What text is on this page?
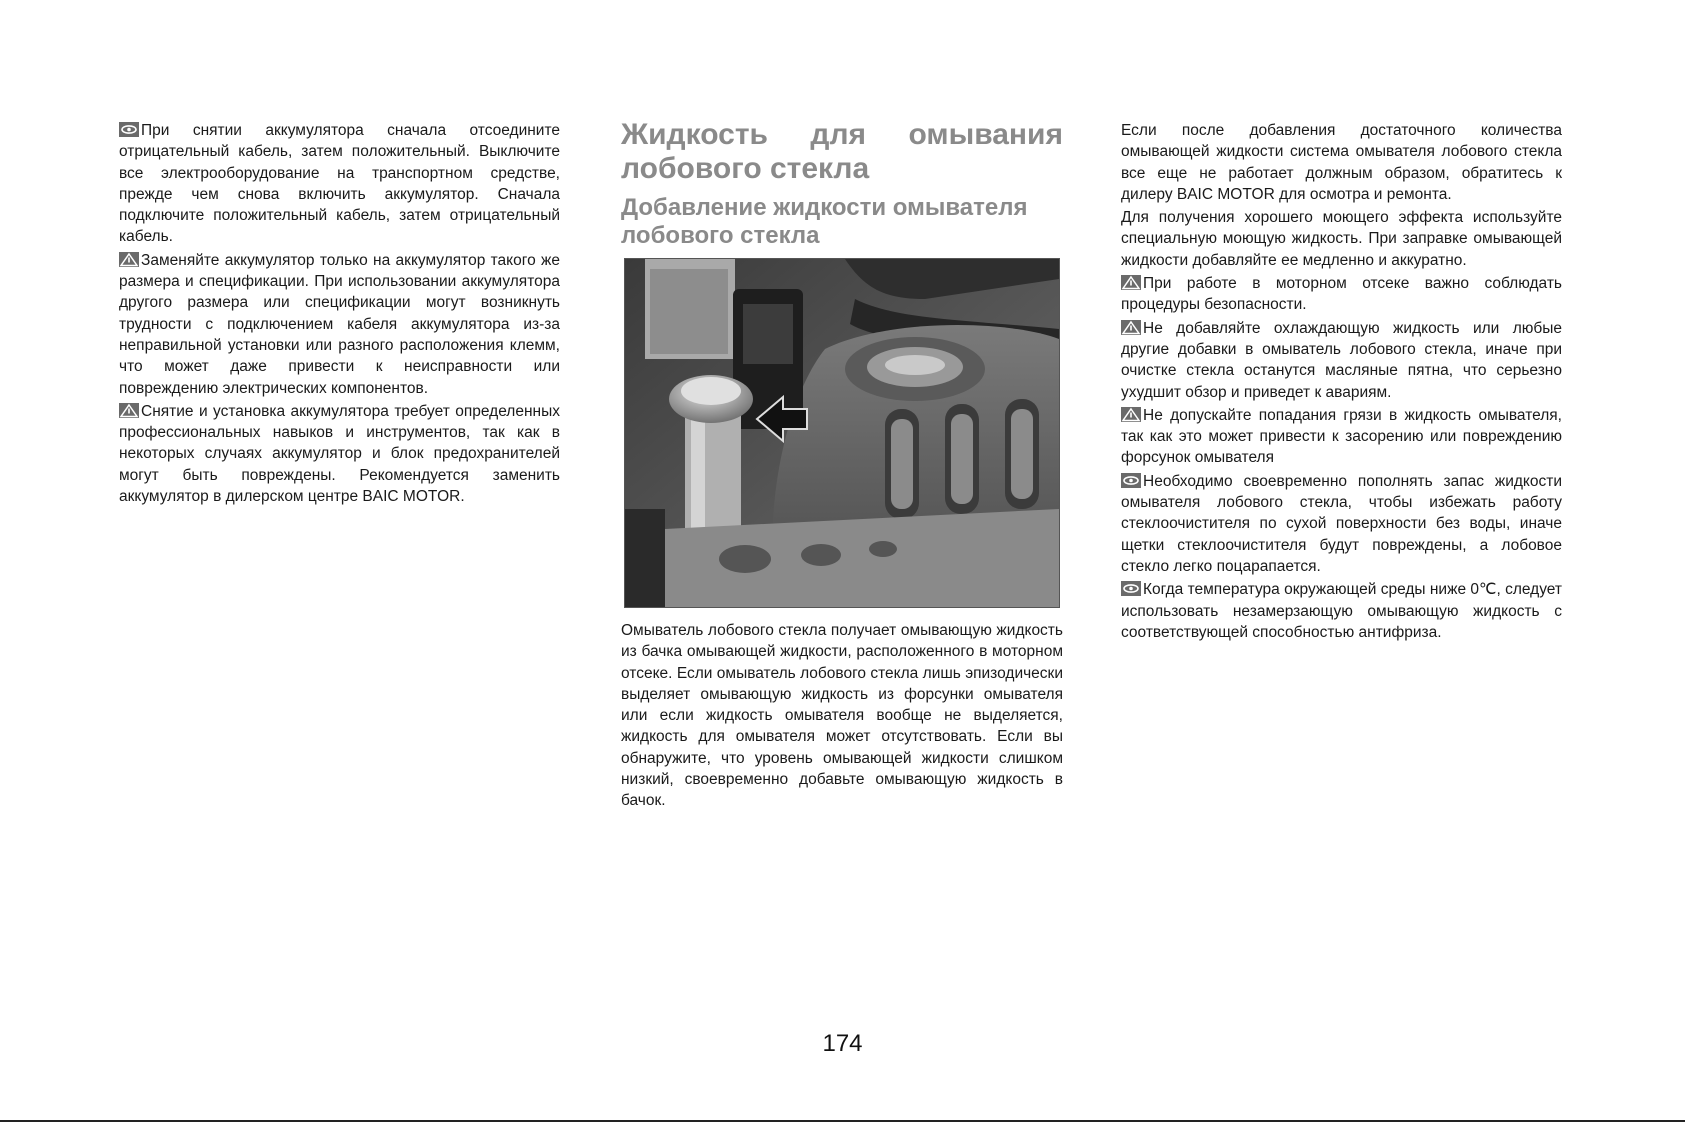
При снятии аккумулятора сначала отсоедините отрицательный кабель, затем положительный. Выключите все электрооборудование на транспортном средстве, прежде чем снова включить аккумулятор. Сначала подключите положительный кабель, затем отрицательный кабель.

Заменяйте аккумулятор только на аккумулятор такого же размера и спецификации. При использовании аккумулятора другого размера или спецификации могут возникнуть трудности с подключением кабеля аккумулятора из-за неправильной установки или разного расположения клемм, что может даже привести к неисправности или повреждению электрических компонентов.

Снятие и установка аккумулятора требует определенных профессиональных навыков и инструментов, так как в некоторых случаях аккумулятор и блок предохранителей могут быть повреждены. Рекомендуется заменить аккумулятор в дилерском центре BAIC MOTOR.

Жидкость для омывания
лобового стекла
Добавление жидкости омывателя лобового стекла

Омыватель лобового стекла получает омывающую жидкость из бачка омывающей жидкости, расположенного в моторном отсеке. Если омыватель лобового стекла лишь эпизодически выделяет омывающую жидкость из форсунки омывателя или если жидкость омывателя вообще не выделяется, жидкость для омывателя может отсутствовать. Если вы обнаружите, что уровень омывающей жидкости слишком низкий, своевременно добавьте омывающую жидкость в бачок.

Если после добавления достаточного количества омывающей жидкости система омывателя лобового стекла все еще не работает должным образом, обратитесь к дилеру BAIC MOTOR для осмотра и ремонта.

Для получения хорошего моющего эффекта используйте специальную моющую жидкость. При заправке омывающей жидкости добавляйте ее медленно и аккуратно.

При работе в моторном отсеке важно соблюдать процедуры безопасности.

Не добавляйте охлаждающую жидкость или любые другие добавки в омыватель лобового стекла, иначе при очистке стекла останутся масляные пятна, что серьезно ухудшит обзор и приведет к авариям.

Не допускайте попадания грязи в жидкость омывателя, так как это может привести к засорению или повреждению форсунок омывателя

Необходимо своевременно пополнять запас жидкости омывателя лобового стекла, чтобы избежать работу стеклоочистителя по сухой поверхности без воды, иначе щетки стеклоочистителя будут повреждены, а лобовое стекло легко поцарапается.

Когда температура окружающей среды ниже 0℃, следует использовать незамерзающую омывающую жидкость с соответствующей способностью антифриза.

174
